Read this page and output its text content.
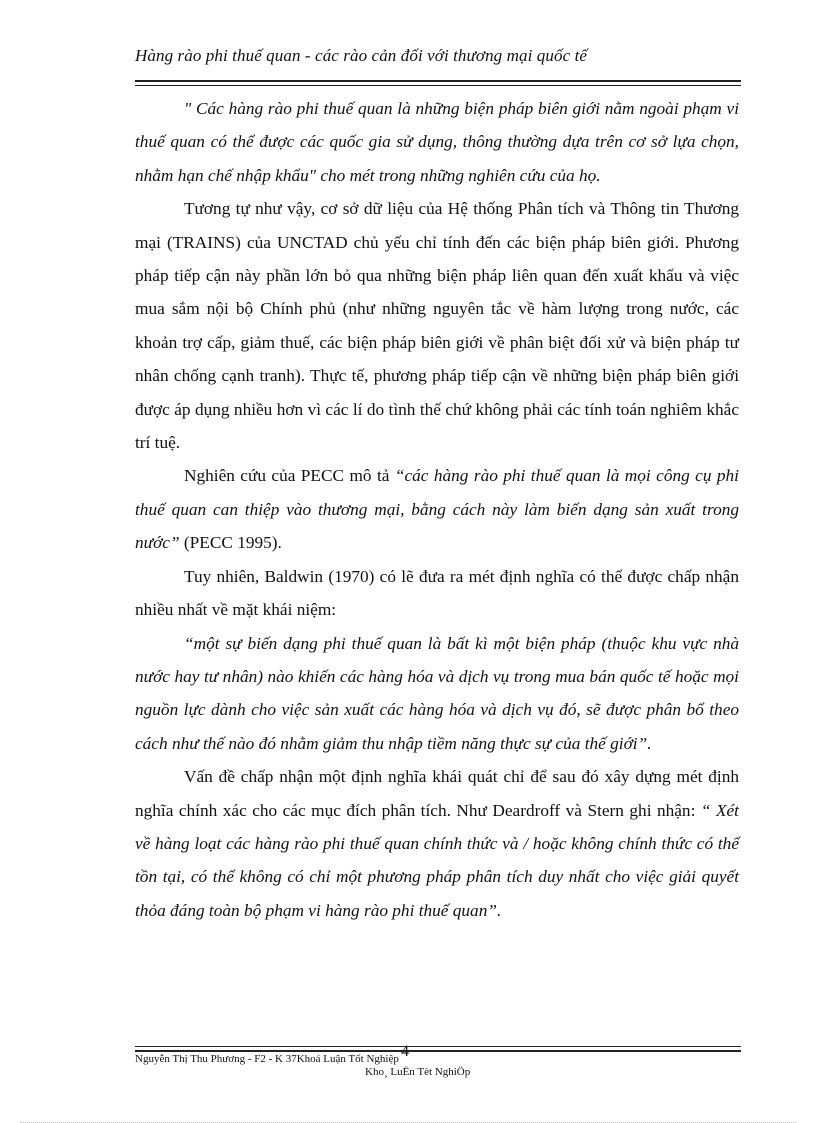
Hàng rào phi thuế quan - các rào cản đối với thương mại quốc tế

" Các hàng rào phi thuế quan là những biện pháp biên giới nằm ngoài phạm vi thuế quan có thể được các quốc gia sử dụng, thông thường dựa trên cơ sở lựa chọn, nhằm hạn chế nhập khẩu" cho mét trong những nghiên cứu của họ.

Tương tự như vậy, cơ sở dữ liệu của Hệ thống Phân tích và Thông tin Thương mại (TRAINS) của UNCTAD chủ yếu chỉ tính đến các biện pháp biên giới. Phương pháp tiếp cận này phần lớn bỏ qua những biện pháp liên quan đến xuất khẩu và việc mua sắm nội bộ Chính phủ (như những nguyên tắc về hàm lượng trong nước, các khoản trợ cấp, giảm thuế, các biện pháp biên giới về phân biệt đối xử và biện pháp tư nhân chống cạnh tranh). Thực tế, phương pháp tiếp cận về những biện pháp biên giới được áp dụng nhiều hơn vì các lí do tình thế chứ không phải các tính toán nghiêm khắc trí tuệ.

Nghiên cứu của PECC mô tả “các hàng rào phi thuế quan là mọi công cụ phi thuế quan can thiệp vào thương mại, bằng cách này làm biến dạng sản xuất trong nước” (PECC 1995).

Tuy nhiên, Baldwin (1970) có lẽ đưa ra mét định nghĩa có thể được chấp nhận nhiều nhất về mặt khái niệm:

“một sự biến dạng phi thuế quan là bất kì một biện pháp (thuộc khu vực nhà nước hay tư nhân) nào khiến các hàng hóa và dịch vụ trong mua bán quốc tế hoặc mọi nguồn lực dành cho việc sản xuất các hàng hóa và dịch vụ đó, sẽ được phân bổ theo cách như thế nào đó nhằm giảm thu nhập tiềm năng thực sự của thế giới”.

Vấn đề chấp nhận một định nghĩa khái quát chỉ để sau đó xây dựng mét định nghĩa chính xác cho các mục đích phân tích. Như Deardroff và Stern ghi nhận: “ Xét về hàng loạt các hàng rào phi thuế quan chính thức và / hoặc không chính thức có thể tồn tại, có thể không có chỉ một phương pháp phân tích duy nhất cho việc giải quyết thỏa đáng toàn bộ phạm vi hàng rào phi thuế quan”.

Nguyễn Thị Thu Phương - F2 - K 37Khoá Luận Tốt Nghiệp 4
Kho¸ LuËn Tèt NghiÖp
